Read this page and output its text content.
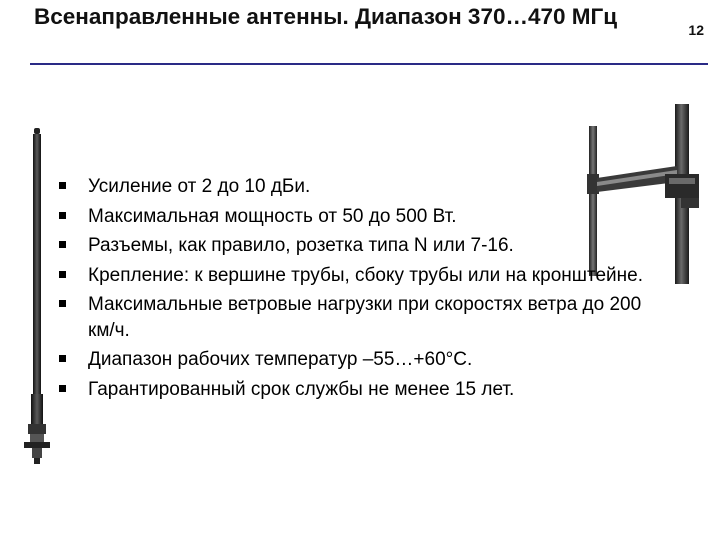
Всенаправленные антенны. Диапазон 370…470 МГц
12
Усиление от 2 до 10 дБи.
Максимальная мощность от 50 до 500 Вт.
Разъемы, как правило, розетка типа N или 7-16.
Крепление: к вершине трубы, сбоку трубы или на кронштейне.
Максимальные ветровые нагрузки при скоростях ветра до 200 км/ч.
Диапазон рабочих температур –55…+60°С.
Гарантированный срок службы не менее 15 лет.
